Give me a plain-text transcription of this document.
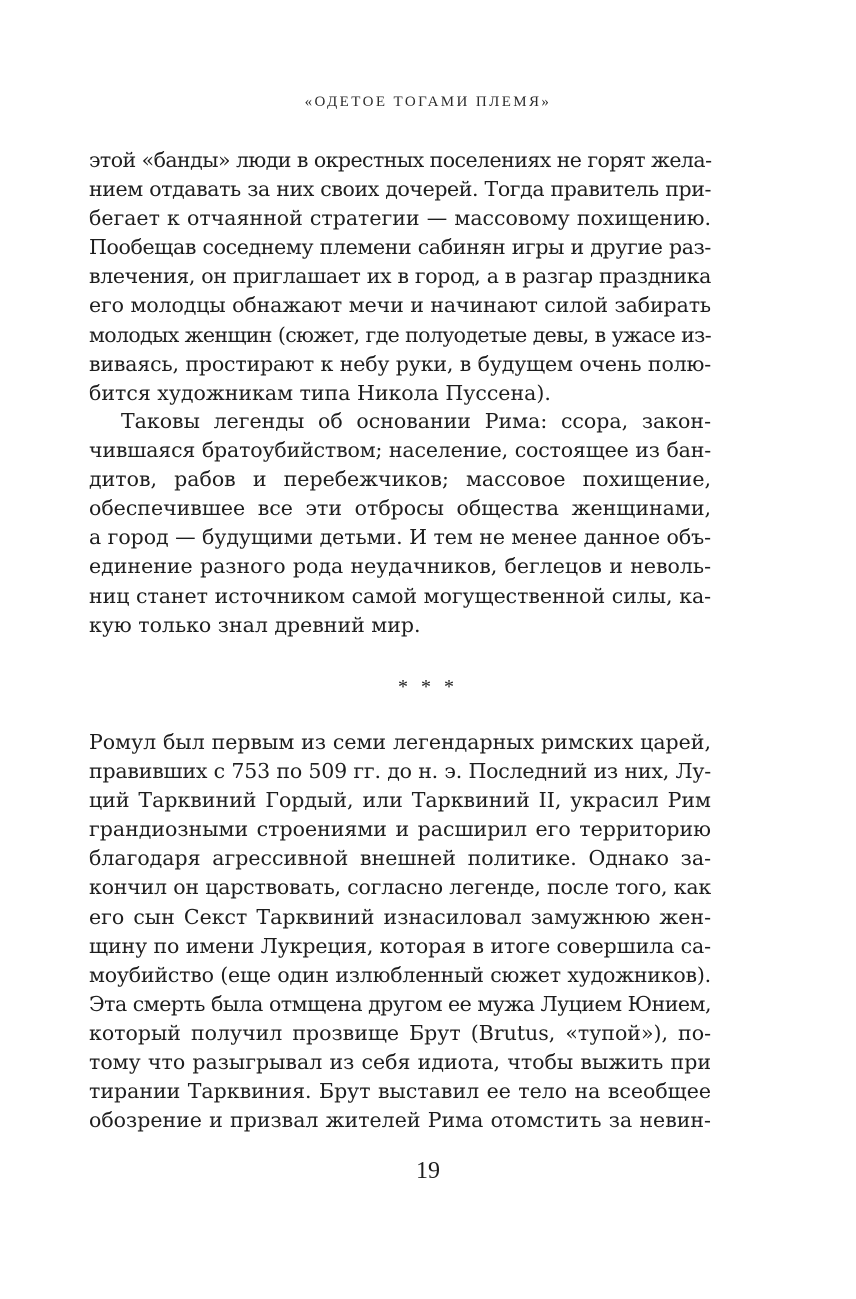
«ОДЕТОЕ ТОГАМИ ПЛЕМЯ»
этой «банды» люди в окрестных поселениях не горят жела-
нием отдавать за них своих дочерей. Тогда правитель при-
бегает к отчаянной стратегии — массовому похищению.
Пообещав соседнему племени сабинян игры и другие раз-
влечения, он приглашает их в город, а в разгар праздника
его молодцы обнажают мечи и начинают силой забирать
молодых женщин (сюжет, где полуодетые девы, в ужасе из-
виваясь, простирают к небу руки, в будущем очень полю-
бится художникам типа Никола Пуссена).
Таковы легенды об основании Рима: ссора, закон-
чившаяся братоубийством; население, состоящее из бан-
дитов, рабов и перебежчиков; массовое похищение,
обеспечившее все эти отбросы общества женщинами,
а город — будущими детьми. И тем не менее данное объ-
единение разного рода неудачников, беглецов и неволь-
ниц станет источником самой могущественной силы, ка-
кую только знал древний мир.
* * *
Ромул был первым из семи легендарных римских царей,
правивших с 753 по 509 гг. до н. э. Последний из них, Лу-
ций Тарквиний Гордый, или Тарквиний II, украсил Рим
грандиозными строениями и расширил его территорию
благодаря агрессивной внешней политике. Однако за-
кончил он царствовать, согласно легенде, после того, как
его сын Секст Тарквиний изнасиловал замужнюю жен-
щину по имени Лукреция, которая в итоге совершила са-
моубийство (еще один излюбленный сюжет художников).
Эта смерть была отмщена другом ее мужа Луцием Юнием,
который получил прозвище Брут (Brutus, «тупой»), по-
тому что разыгрывал из себя идиота, чтобы выжить при
тирании Тарквиния. Брут выставил ее тело на всеобщее
обозрение и призвал жителей Рима отомстить за невин-
19
